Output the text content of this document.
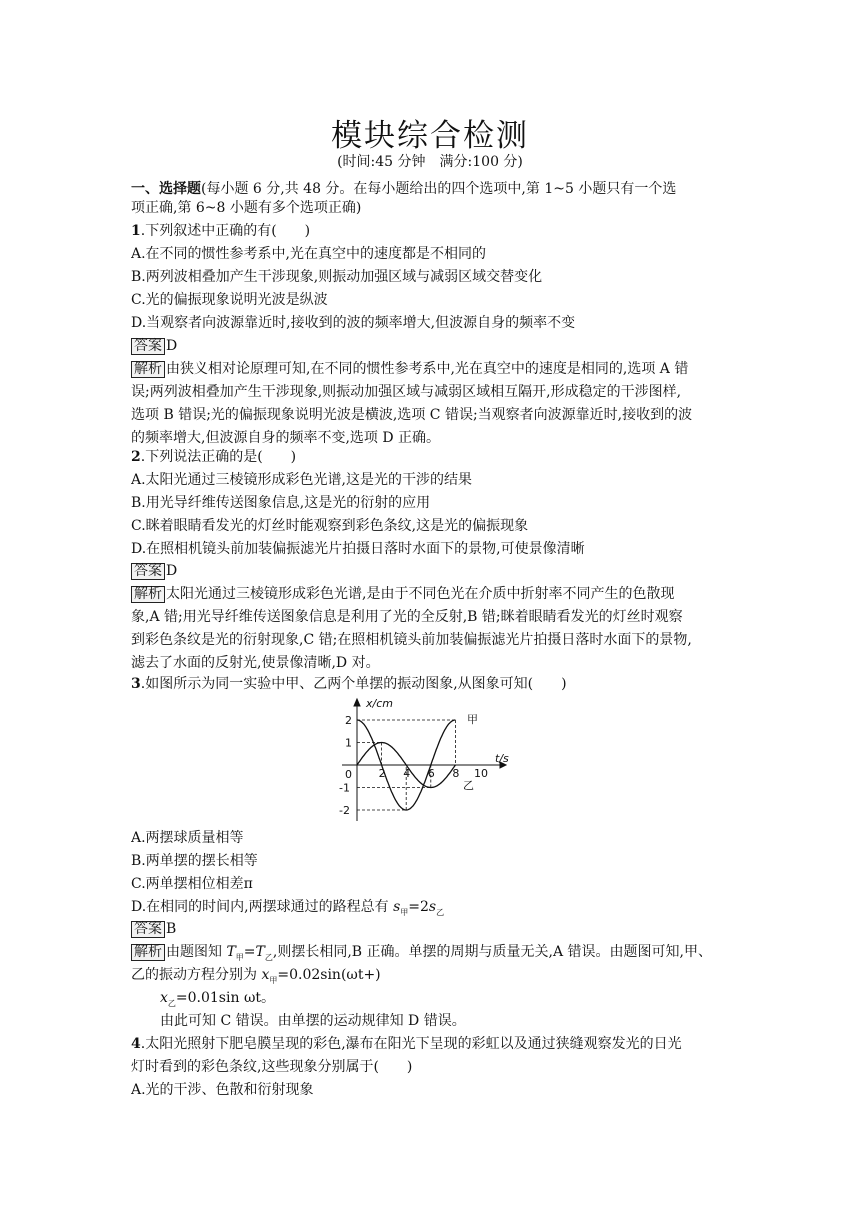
模块综合检测
(时间:45 分钟　满分:100 分)
一、选择题(每小题 6 分,共 48 分。在每小题给出的四个选项中,第 1~5 小题只有一个选
项正确,第 6~8 小题有多个选项正确)
1.下列叙述中正确的有(　　)
A.在不同的惯性参考系中,光在真空中的速度都是不相同的
B.两列波相叠加产生干涉现象,则振动加强区域与减弱区域交替变化
C.光的偏振现象说明光波是纵波
D.当观察者向波源靠近时,接收到的波的频率增大,但波源自身的频率不变
答案 D
解析 由狭义相对论原理可知,在不同的惯性参考系中,光在真空中的速度是相同的,选项 A 错
误;两列波相叠加产生干涉现象,则振动加强区域与减弱区域相互隔开,形成稳定的干涉图样,
选项 B 错误;光的偏振现象说明光波是横波,选项 C 错误;当观察者向波源靠近时,接收到的波
的频率增大,但波源自身的频率不变,选项 D 正确。
2.下列说法正确的是(　　)
A.太阳光通过三棱镜形成彩色光谱,这是光的干涉的结果
B.用光导纤维传送图象信息,这是光的衍射的应用
C.眯着眼睛看发光的灯丝时能观察到彩色条纹,这是光的偏振现象
D.在照相机镜头前加装偏振滤光片拍摄日落时水面下的景物,可使景像清晰
答案 D
解析 太阳光通过三棱镜形成彩色光谱,是由于不同色光在介质中折射率不同产生的色散现
象,A 错;用光导纤维传送图象信息是利用了光的全反射,B 错;眯着眼睛看发光的灯丝时观察
到彩色条纹是光的衍射现象,C 错;在照相机镜头前加装偏振滤光片拍摄日落时水面下的景物,
滤去了水面的反射光,使景像清晰,D 对。
3.如图所示为同一实验中甲、乙两个单摆的振动图象,从图象可知(　　)
2
1
-1
-2
2 4 6 8 10
x/cm
t/s
0
甲
乙
A.两摆球质量相等
B.两单摆的摆长相等
C.两单摆相位相差π
D.在相同的时间内,两摆球通过的路程总有 $s_甲=2s_乙$
答案 B
解析 由题图知 $T_甲=T_乙$,则摆长相同,B 正确。单摆的周期与质量无关,A 错误。由题图可知,甲、
乙的振动方程分别为 $x_甲=0.02\sin(\omega t+)$
$x_乙=0.01\sin$ ωt。
由此可知 C 错误。由单摆的运动规律知 D 错误。
4.太阳光照射下肥皂膜呈现的彩色,瀑布在阳光下呈现的彩虹以及通过狭缝观察发光的日光
灯时看到的彩色条纹,这些现象分别属于(　　)
A.光的干涉、色散和衍射现象
